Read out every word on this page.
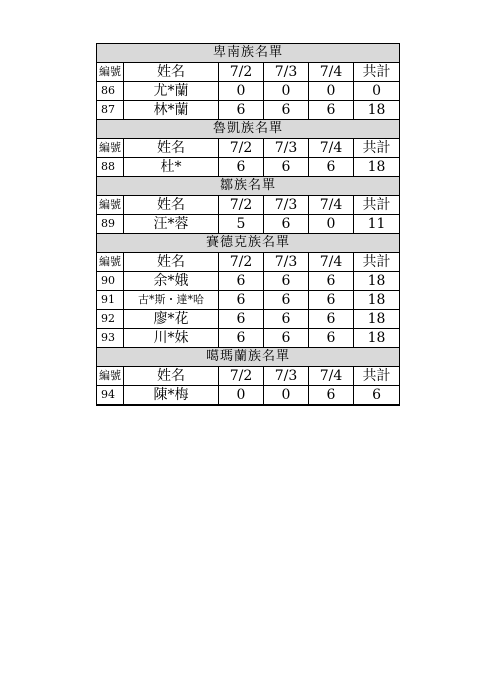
卑南族名單					
編號	姓名	7/2	7/3	7/4	共計
86	尤*蘭	0	0	0	0
87	林*蘭	6	6	6	18
魯凱族名單					
編號	姓名	7/2	7/3	7/4	共計
88	杜*	6	6	6	18
鄒族名單					
編號	姓名	7/2	7/3	7/4	共計
89	汪*蓉	5	6	0	11
賽德克族名單					
編號	姓名	7/2	7/3	7/4	共計
90	余*娥	6	6	6	18
91	古*斯・達*哈	6	6	6	18
92	廖*花	6	6	6	18
93	川*妹	6	6	6	18
噶瑪蘭族名單					
編號	姓名	7/2	7/3	7/4	共計
94	陳*梅	0	0	6	6
